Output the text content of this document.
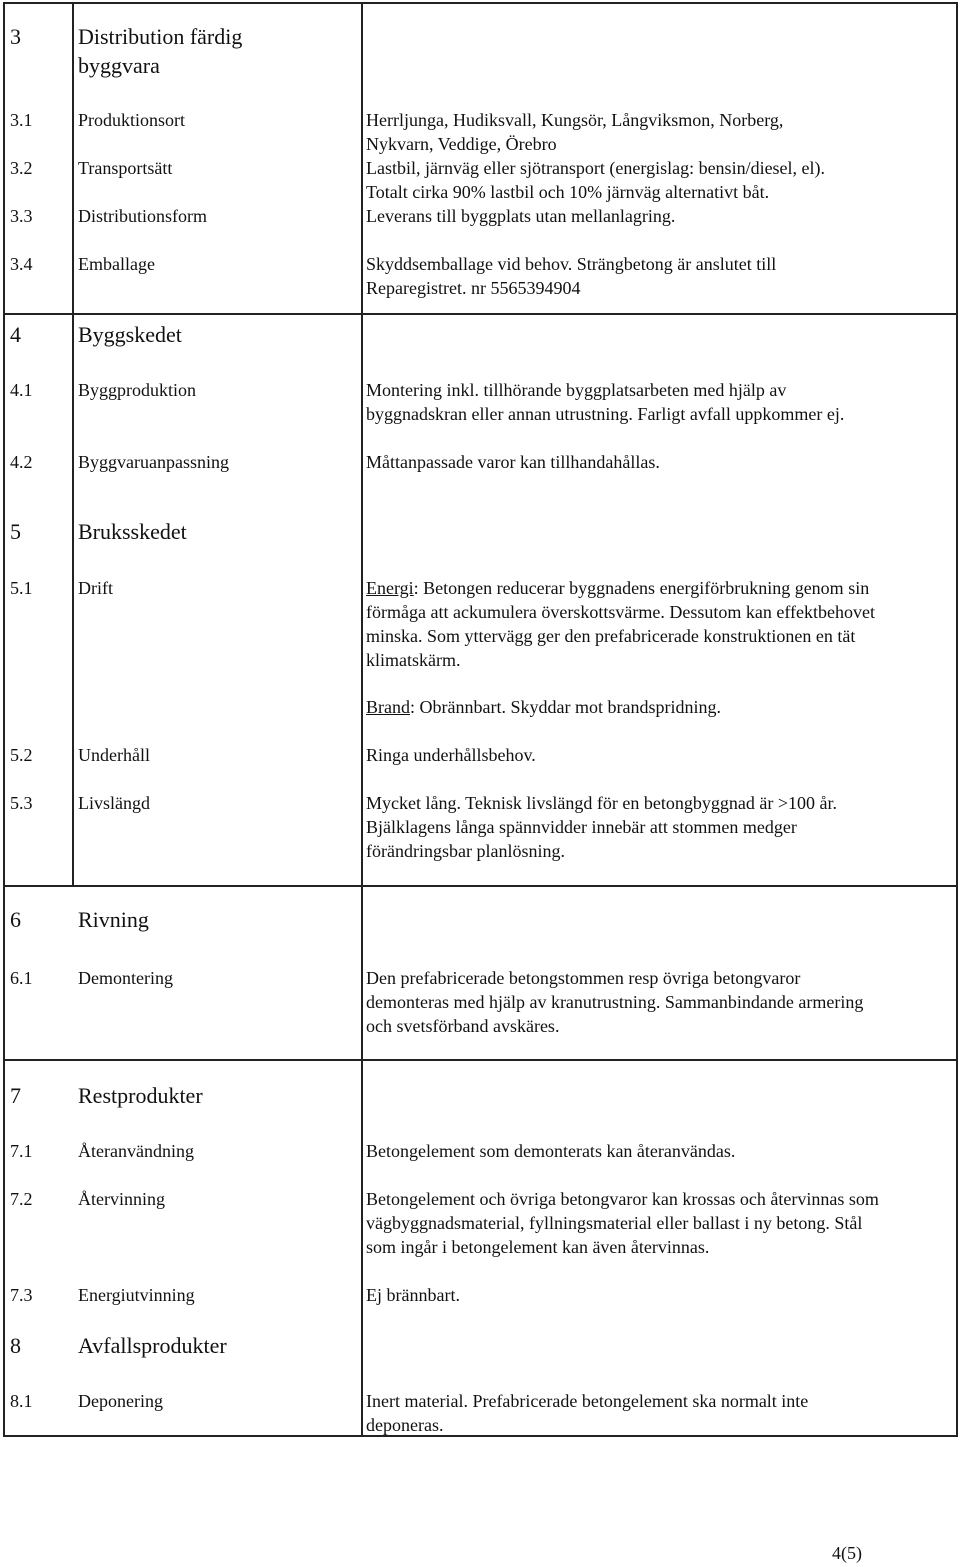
3	Distribution färdig
byggvara
3.1	Produktionsort	Herrljunga, Hudiksvall, Kungsör, Långviksmon, Norberg,
Nykvarn, Veddige, Örebro
3.2	Transportsätt	Lastbil, järnväg eller sjötransport (energislag: bensin/diesel, el).
Totalt cirka 90% lastbil och 10% järnväg alternativt båt.
3.3	Distributionsform	Leverans till byggplats utan mellanlagring.
3.4	Emballage	Skyddsemballage vid behov. Strängbetong är anslutet till
Reparegistret. nr 5565394904
4	Byggskedet
4.1	Byggproduktion	Montering inkl. tillhörande byggplatsarbeten med hjälp av
byggnadskran eller annan utrustning. Farligt avfall uppkommer ej.
4.2	Byggvaruanpassning	Måttanpassade varor kan tillhandahållas.
5	Bruksskedet
5.1	Drift	Energi: Betongen reducerar byggnadens energiförbrukning genom sin
förmåga att ackumulera överskottsvärme. Dessutom kan effektbehovet
minska. Som yttervägg ger den prefabricerade konstruktionen en tät
klimatskärm.
Brand: Obrännbart. Skyddar mot brandspridning.
5.2	Underhåll	Ringa underhållsbehov.
5.3	Livslängd	Mycket lång. Teknisk livslängd för en betongbyggnad är >100 år.
Bjälklagens långa spännvidder innebär att stommen medger
förändringsbar planlösning.
6	Rivning
6.1	Demontering	Den prefabricerade betongstommen resp övriga betongvaror
demonteras med hjälp av kranutrustning. Sammanbindande armering
och svetsförband avskäres.
7	Restprodukter
7.1	Återanvändning	Betongelement som demonterats kan återanvändas.
7.2	Återvinning	Betongelement och övriga betongvaror kan krossas och återvinnas som
vägbyggnadsmaterial, fyllningsmaterial eller ballast i ny betong. Stål
som ingår i betongelement kan även återvinnas.
7.3	Energiutvinning	Ej brännbart.
8	Avfallsprodukter
8.1	Deponering	Inert material. Prefabricerade betongelement ska normalt inte
deponeras.
4(5)
